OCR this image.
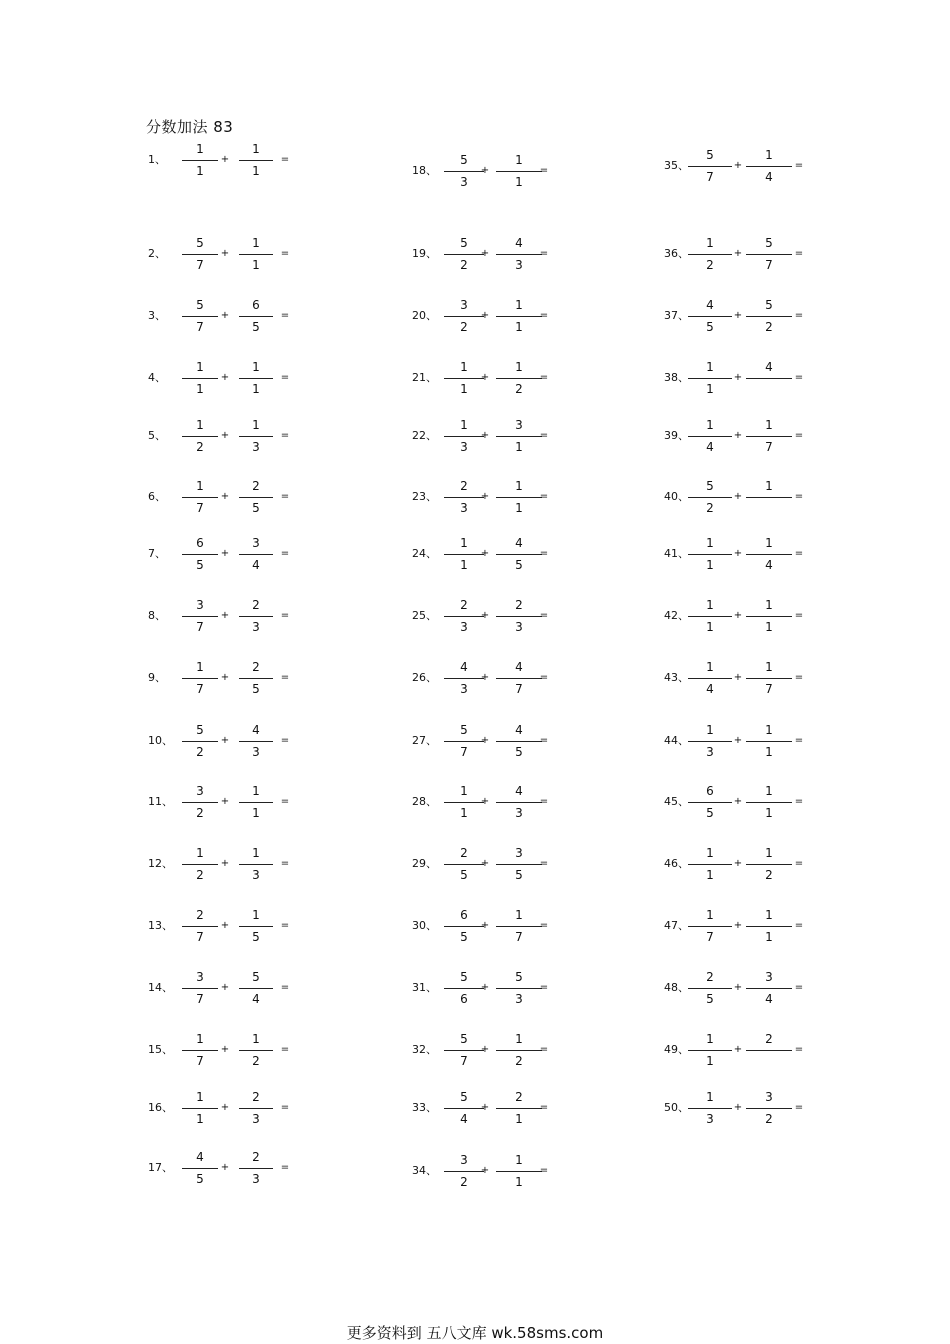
分数加法 83
1、
1
1
+
1
1
=
2、
5
7
+
1
1
=
3、
5
7
+
6
5
=
4、
1
1
+
1
1
=
5、
1
2
+
1
3
=
6、
1
7
+
2
5
=
7、
6
5
+
3
4
=
8、
3
7
+
2
3
=
9、
1
7
+
2
5
=
10、
5
2
+
4
3
=
11、
3
2
+
1
1
=
12、
1
2
+
1
3
=
13、
2
7
+
1
5
=
14、
3
7
+
5
4
=
15、
1
7
+
1
2
=
16、
1
1
+
2
3
=
17、
4
5
+
2
3
=
18、
5
3
+
1
1
=
19、
5
2
+
4
3
=
20、
3
2
+
1
1
=
21、
1
1
+
1
2
=
22、
1
3
+
3
1
=
23、
2
3
+
1
1
=
24、
1
1
+
4
5
=
25、
2
3
+
2
3
=
26、
4
3
+
4
7
=
27、
5
7
+
4
5
=
28、
1
1
+
4
3
=
29、
2
5
+
3
5
=
30、
6
5
+
1
7
=
31、
5
6
+
5
3
=
32、
5
7
+
1
2
=
33、
5
4
+
2
1
=
34、
3
2
+
1
1
=
35、
5
7
+
1
4
=
36、
1
2
+
5
7
=
37、
4
5
+
5
2
=
38、
1
1
+
4
=
39、
1
4
+
1
7
=
40、
5
2
+
1
=
41、
1
1
+
1
4
=
42、
1
1
+
1
1
=
43、
1
4
+
1
7
=
44、
1
3
+
1
1
=
45、
6
5
+
1
1
=
46、
1
1
+
1
2
=
47、
1
7
+
1
1
=
48、
2
5
+
3
4
=
49、
1
1
+
2
=
50、
1
3
+
3
2
=
更多资料到 五八文库 wk.58sms.com
